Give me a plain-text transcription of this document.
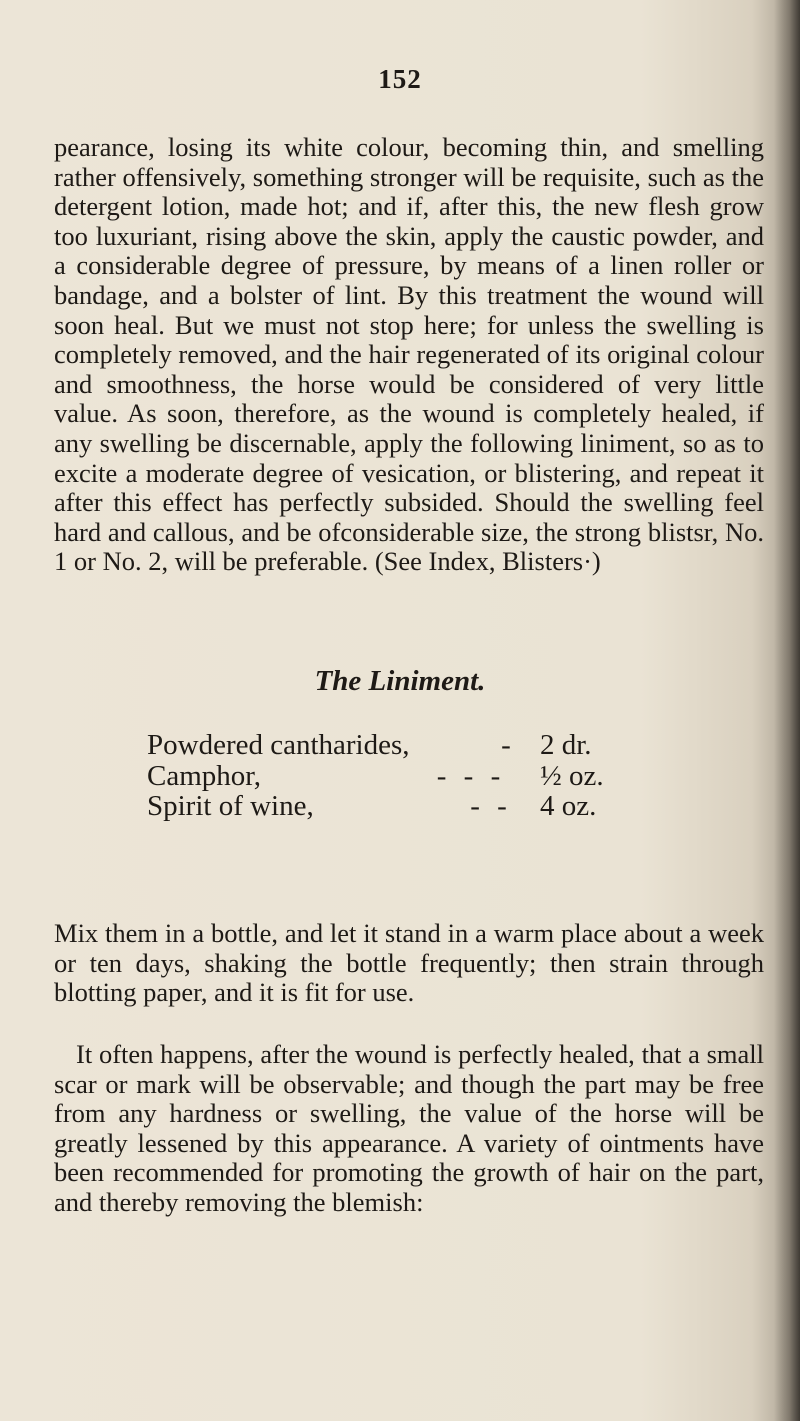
152

pearance, losing its white colour, becoming thin, and smelling rather offensively, something stronger will be requisite, such as the detergent lotion, made hot; and if, after this, the new flesh grow too luxuriant, rising above the skin, apply the caustic powder, and a considerable degree of pressure, by means of a linen roller or bandage, and a bolster of lint. By this treatment the wound will soon heal. But we must not stop here; for unless the swelling is completely removed, and the hair regenerated of its original colour and smoothness, the horse would be considered of very little value. As soon, therefore, as the wound is completely healed, if any swelling be discernable, apply the following liniment, so as to excite a moderate degree of vesication, or blistering, and repeat it after this effect has perfectly subsided. Should the swelling feel hard and callous, and be ofconsiderable size, the strong blistsr, No. 1 or No. 2, will be preferable. (See Index, Blisters·)

The Liniment.
Powdered cantharides,	-	2 dr.
Camphor,	- - -	½ oz.
Spirit of wine,	- -	4 oz.

Mix them in a bottle, and let it stand in a warm place about a week or ten days, shaking the bottle frequently; then strain through blotting paper, and it is fit for use.

It often happens, after the wound is perfectly healed, that a small scar or mark will be observable; and though the part may be free from any hardness or swelling, the value of the horse will be greatly lessened by this appearance. A variety of ointments have been recommended for promoting the growth of hair on the part, and thereby removing the blemish:
